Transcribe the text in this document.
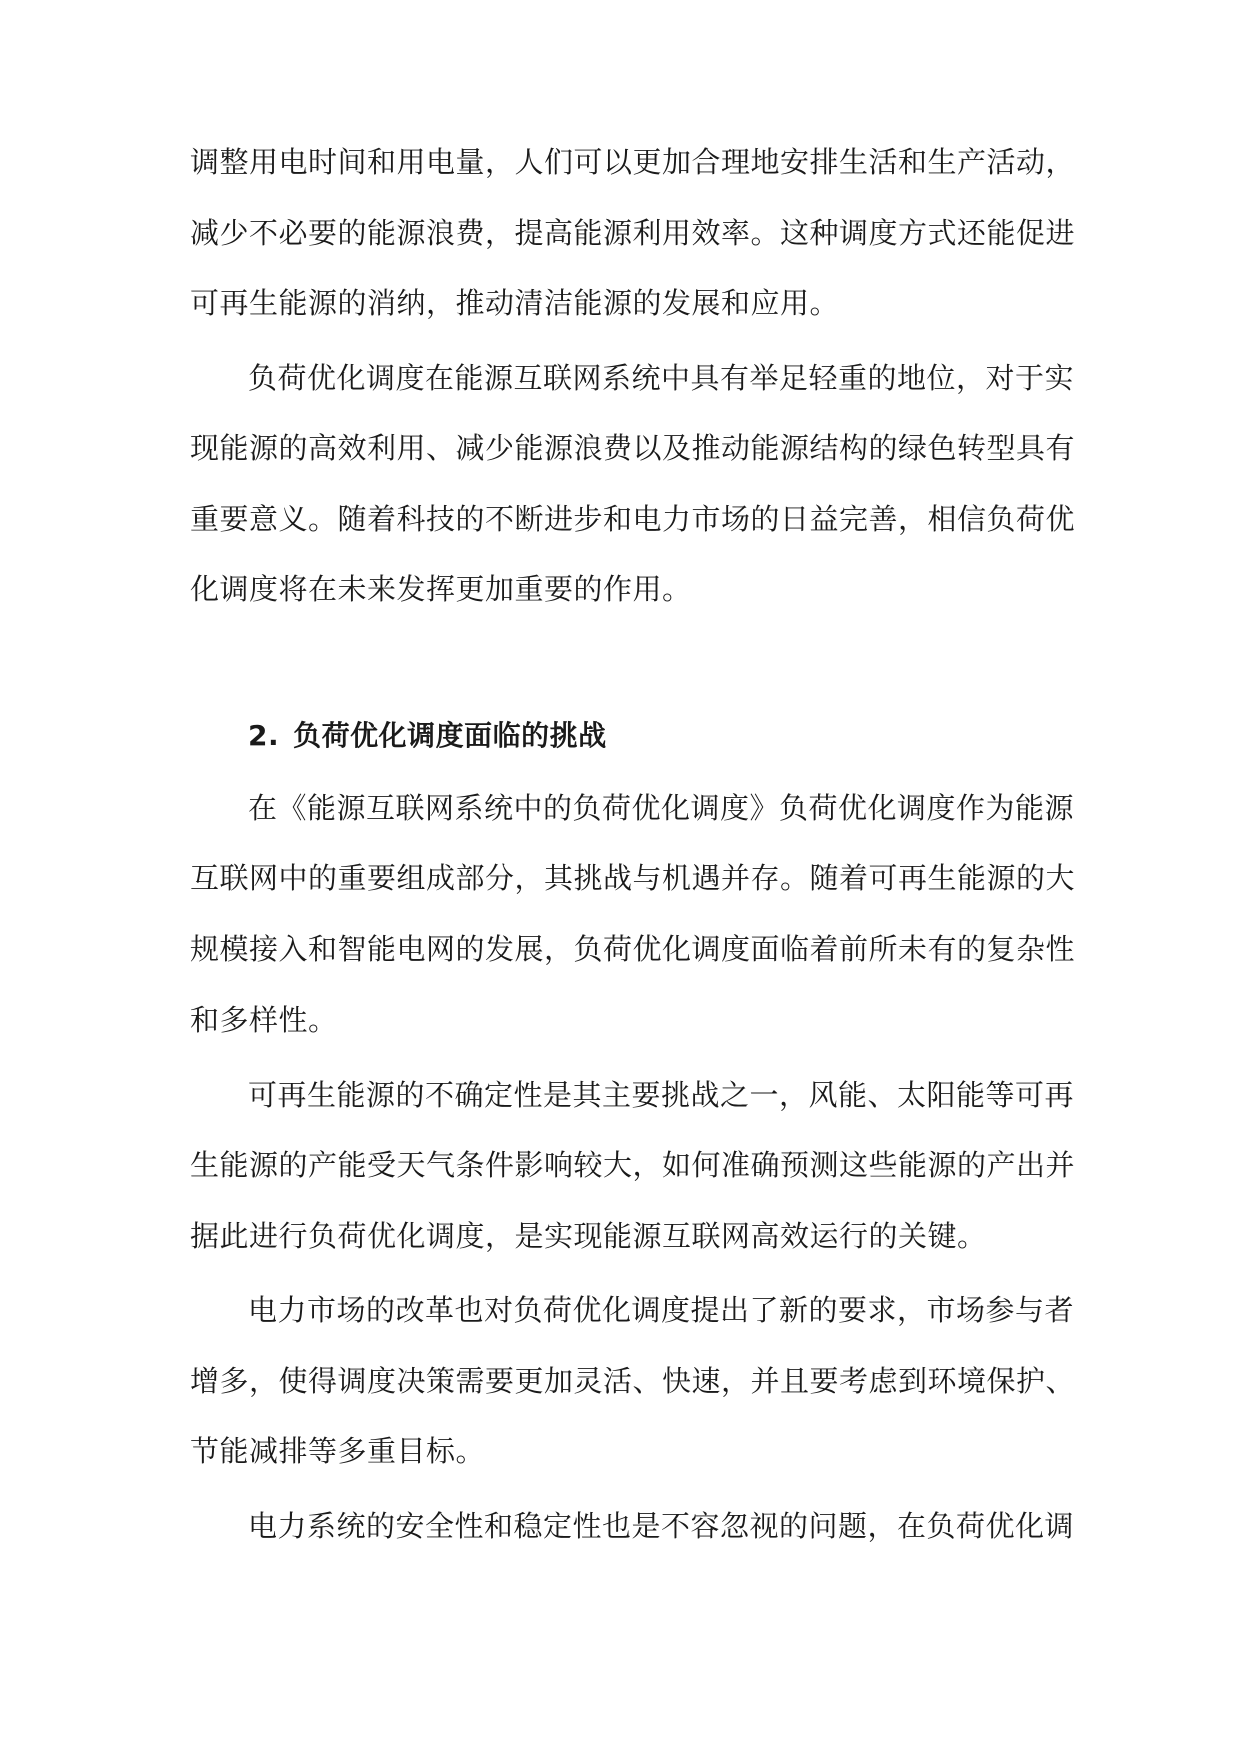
调整用电时间和用电量，人们可以更加合理地安排生活和生产活动，
减少不必要的能源浪费，提高能源利用效率。这种调度方式还能促进
可再生能源的消纳，推动清洁能源的发展和应用。
负荷优化调度在能源互联网系统中具有举足轻重的地位，对于实
现能源的高效利用、减少能源浪费以及推动能源结构的绿色转型具有
重要意义。随着科技的不断进步和电力市场的日益完善，相信负荷优
化调度将在未来发挥更加重要的作用。
2. 负荷优化调度面临的挑战
在《能源互联网系统中的负荷优化调度》负荷优化调度作为能源
互联网中的重要组成部分，其挑战与机遇并存。随着可再生能源的大
规模接入和智能电网的发展，负荷优化调度面临着前所未有的复杂性
和多样性。
可再生能源的不确定性是其主要挑战之一，风能、太阳能等可再
生能源的产能受天气条件影响较大，如何准确预测这些能源的产出并
据此进行负荷优化调度，是实现能源互联网高效运行的关键。
电力市场的改革也对负荷优化调度提出了新的要求，市场参与者
增多，使得调度决策需要更加灵活、快速，并且要考虑到环境保护、
节能减排等多重目标。
电力系统的安全性和稳定性也是不容忽视的问题，在负荷优化调
